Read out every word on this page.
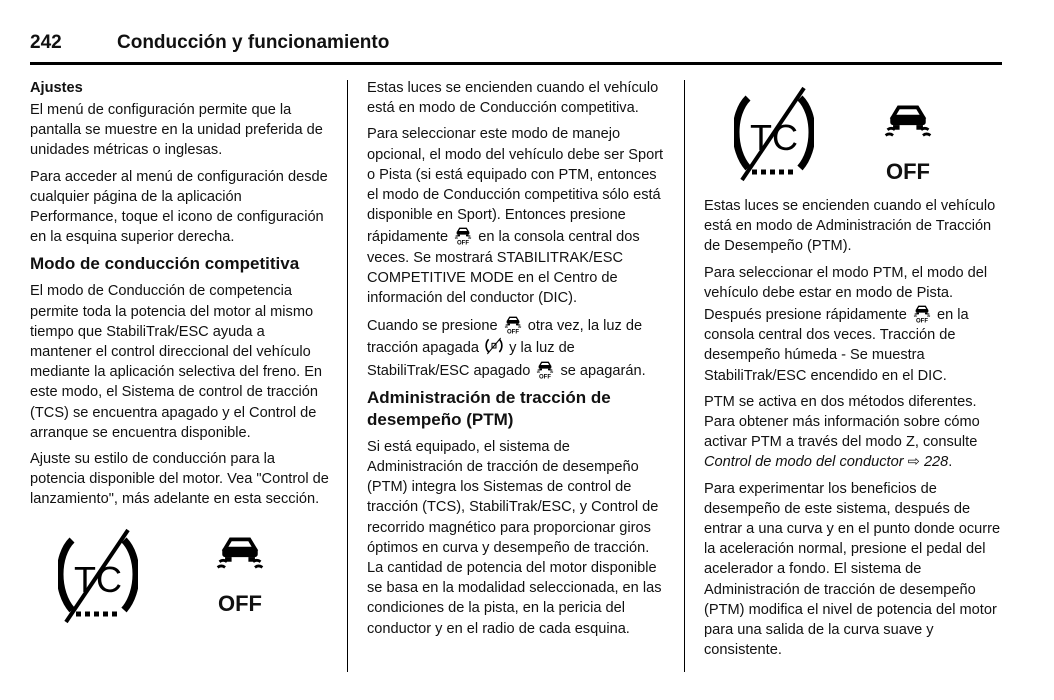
242	Conducción y funcionamiento
Ajustes

El menú de configuración permite que la pantalla se muestre en la unidad preferida de unidades métricas o inglesas.

Para acceder al menú de configuración desde cualquier página de la aplicación Performance, toque el icono de configuración en la esquina superior derecha.

Modo de conducción competitiva

El modo de Conducción de competencia permite toda la potencia del motor al mismo tiempo que StabiliTrak/ESC ayuda a mantener el control direccional del vehículo mediante la aplicación selectiva del freno. En este modo, el Sistema de control de tracción (TCS) se encuentra apagado y el Control de arranque se encuentra disponible.

Ajuste su estilo de conducción para la potencia disponible del motor. Vea "Control de lanzamiento", más adelante en esta sección.

TC
OFF

Estas luces se encienden cuando el vehículo está en modo de Conducción competitiva.

Para seleccionar este modo de manejo opcional, el modo del vehículo debe ser Sport o Pista (si está equipado con PTM, entonces el modo de Conducción competitiva sólo está disponible en Sport). Entonces presione rápidamente OFF en la consola central dos veces. Se mostrará STABILITRAK/ESC COMPETITIVE MODE en el Centro de información del conductor (DIC).

Cuando se presione OFF otra vez, la luz de tracción apagada y la luz de StabiliTrak/ESC apagado OFF se apagarán.

Administración de tracción de desempeño (PTM)

Si está equipado, el sistema de Administración de tracción de desempeño (PTM) integra los Sistemas de control de tracción (TCS), StabiliTrak/ESC, y Control de recorrido magnético para proporcionar giros óptimos en curva y desempeño de tracción. La cantidad de potencia del motor disponible se basa en la modalidad seleccionada, en las condiciones de la pista, en la pericia del conductor y en el radio de cada esquina.

TC
OFF

Estas luces se encienden cuando el vehículo está en modo de Administración de Tracción de Desempeño (PTM).

Para seleccionar el modo PTM, el modo del vehículo debe estar en modo de Pista. Después presione rápidamente OFF en la consola central dos veces. Tracción de desempeño húmeda - Se muestra StabiliTrak/ESC encendido en el DIC.

PTM se activa en dos métodos diferentes. Para obtener más información sobre cómo activar PTM a través del modo Z, consulte Control de modo del conductor ⇨ 228.

Para experimentar los beneficios de desempeño de este sistema, después de entrar a una curva y en el punto donde ocurre la aceleración normal, presione el pedal del acelerador a fondo. El sistema de Administración de tracción de desempeño (PTM) modifica el nivel de potencia del motor para una salida de la curva suave y consistente.
